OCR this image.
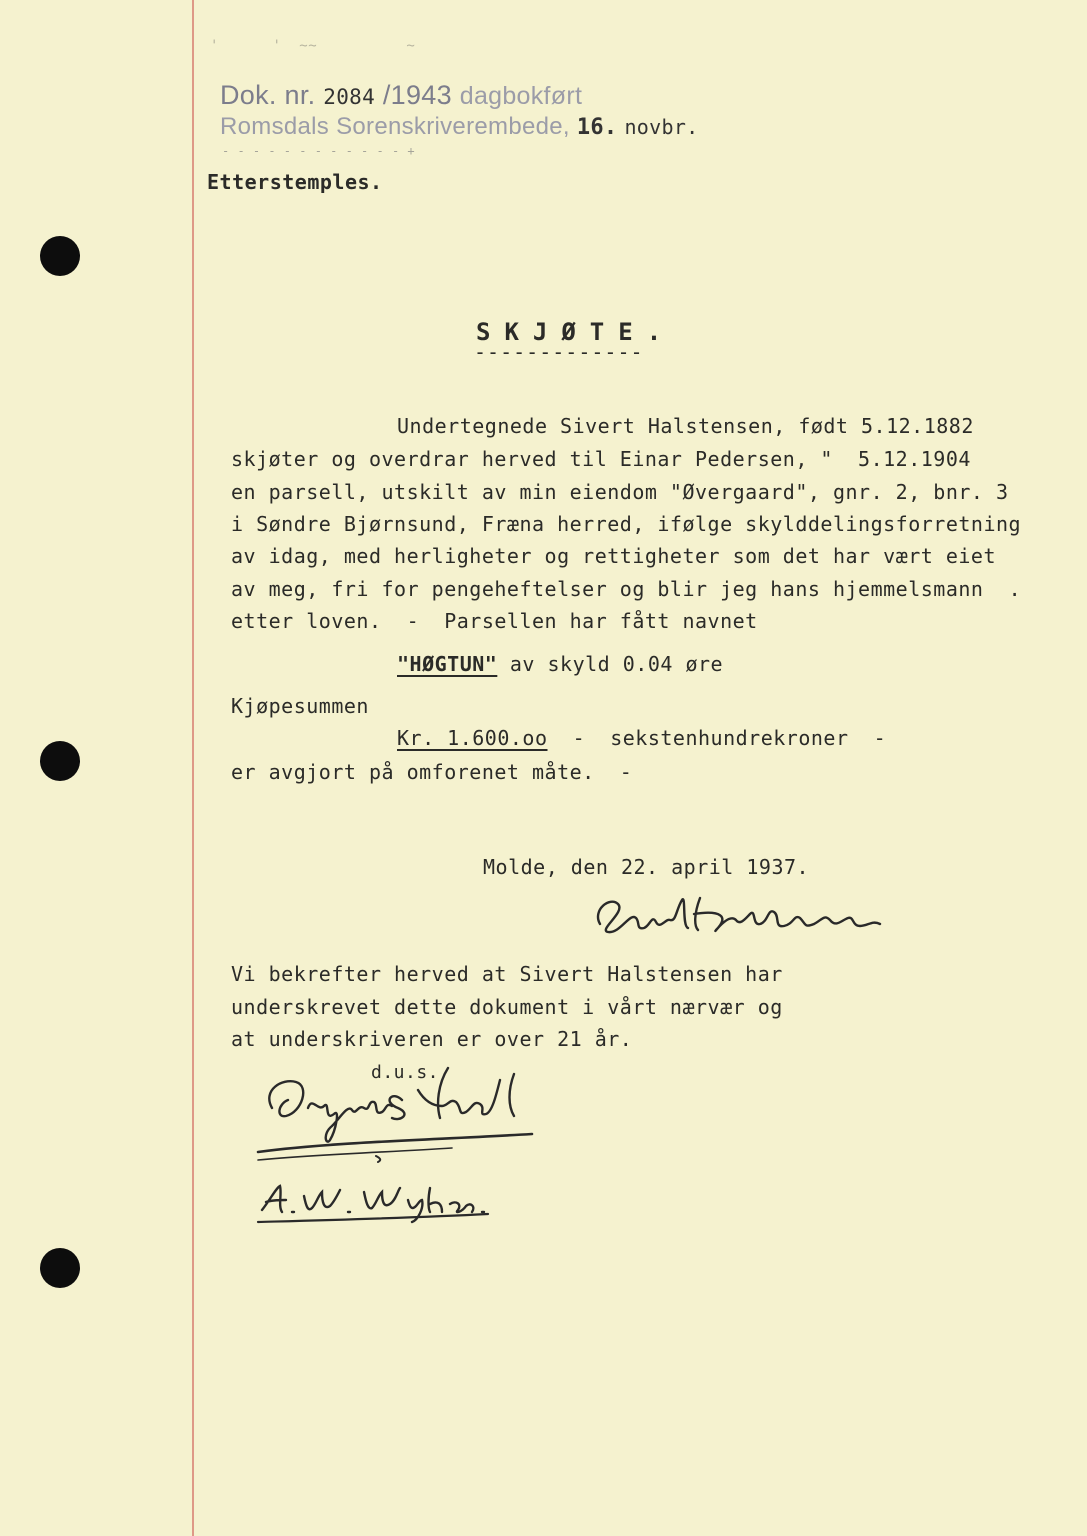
'      '  ~~          ~
Dok. nr. 2084 /1943 dagbokført
Romsdals Sorenskriverembede, 16. novbr.
- - - - - - - - - - - - +
Etterstemples.
SKJØTE.
-------------
Undertegnede Sivert Halstensen, født 5.12.1882
skjøter og overdrar herved til Einar Pedersen, "  5.12.1904
en parsell, utskilt av min eiendom "Øvergaard", gnr. 2, bnr. 3
i Søndre Bjørnsund, Fræna herred, ifølge skylddelingsforretning
av idag, med herligheter og rettigheter som det har vært eiet
av meg, fri for pengeheftelser og blir jeg hans hjemmelsmann .
etter loven.  -  Parsellen har fått navnet
"HØGTUN" av skyld 0.04 øre
Kjøpesummen
Kr. 1.600.oo  -  sekstenhundrekroner  -
er avgjort på omforenet måte.  -
Molde, den 22. april 1937.
Vi bekrefter herved at Sivert Halstensen har
underskrevet dette dokument i vårt nærvær og
at underskriveren er over 21 år.
d.u.s.
